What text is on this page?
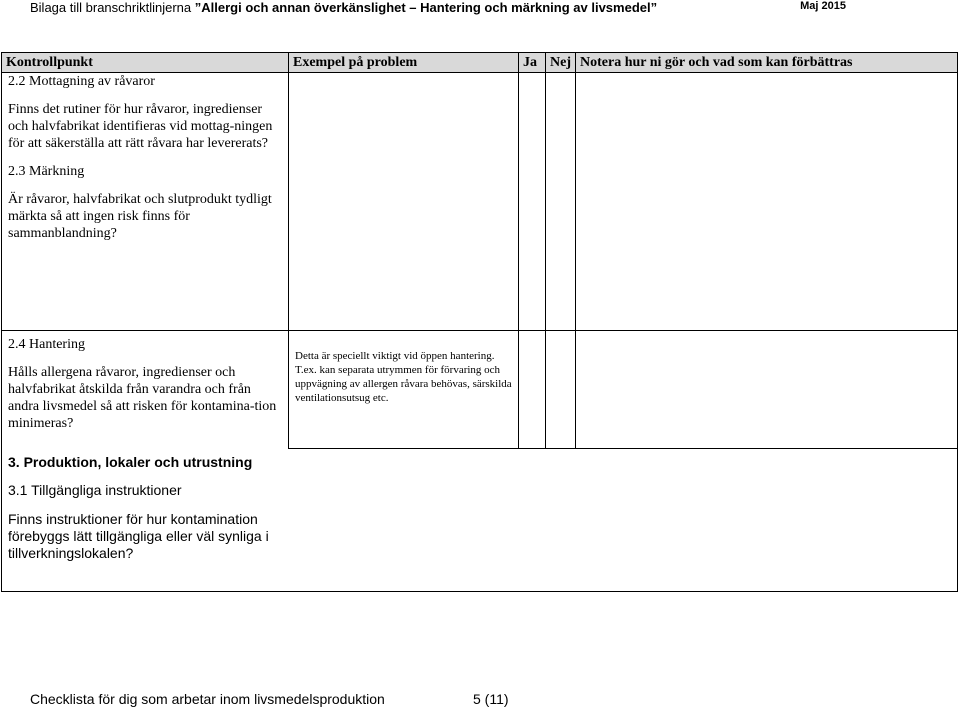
Bilaga till branschriktlinjerna ”Allergi och annan överkänslighet – Hantering och märkning av livsmedel”	Maj 2015
Kontrollpunkt	Exempel på problem	Ja	Nej	Notera hur ni gör och vad som kan förbättras

2.2 Mottagning av råvaror

Finns det rutiner för hur råvaror, ingredienser och halvfabrikat identifieras vid mottag-ningen för att säkerställa att rätt råvara har levererats?

2.3 Märkning

Är råvaror, halvfabrikat och slutprodukt tydligt märkta så att ingen risk finns för sammanblandning?				

2.4 Hantering

Hålls allergena råvaror, ingredienser och halvfabrikat åtskilda från varandra och från andra livsmedel så att risken för kontamina-tion minimeras?	Detta är speciellt viktigt vid öppen hantering. T.ex. kan separata utrymmen för förvaring och uppvägning av allergen råvara behövas, särskilda ventilationsutsug etc.			

3. Produktion, lokaler och utrustning
3.1 Tillgängliga instruktioner
Finns instruktioner för hur kontamination förebyggs lätt tillgängliga eller väl synliga i tillverkningslokalen?				
Checklista för dig som arbetar inom livsmedelsproduktion	5 (11)
